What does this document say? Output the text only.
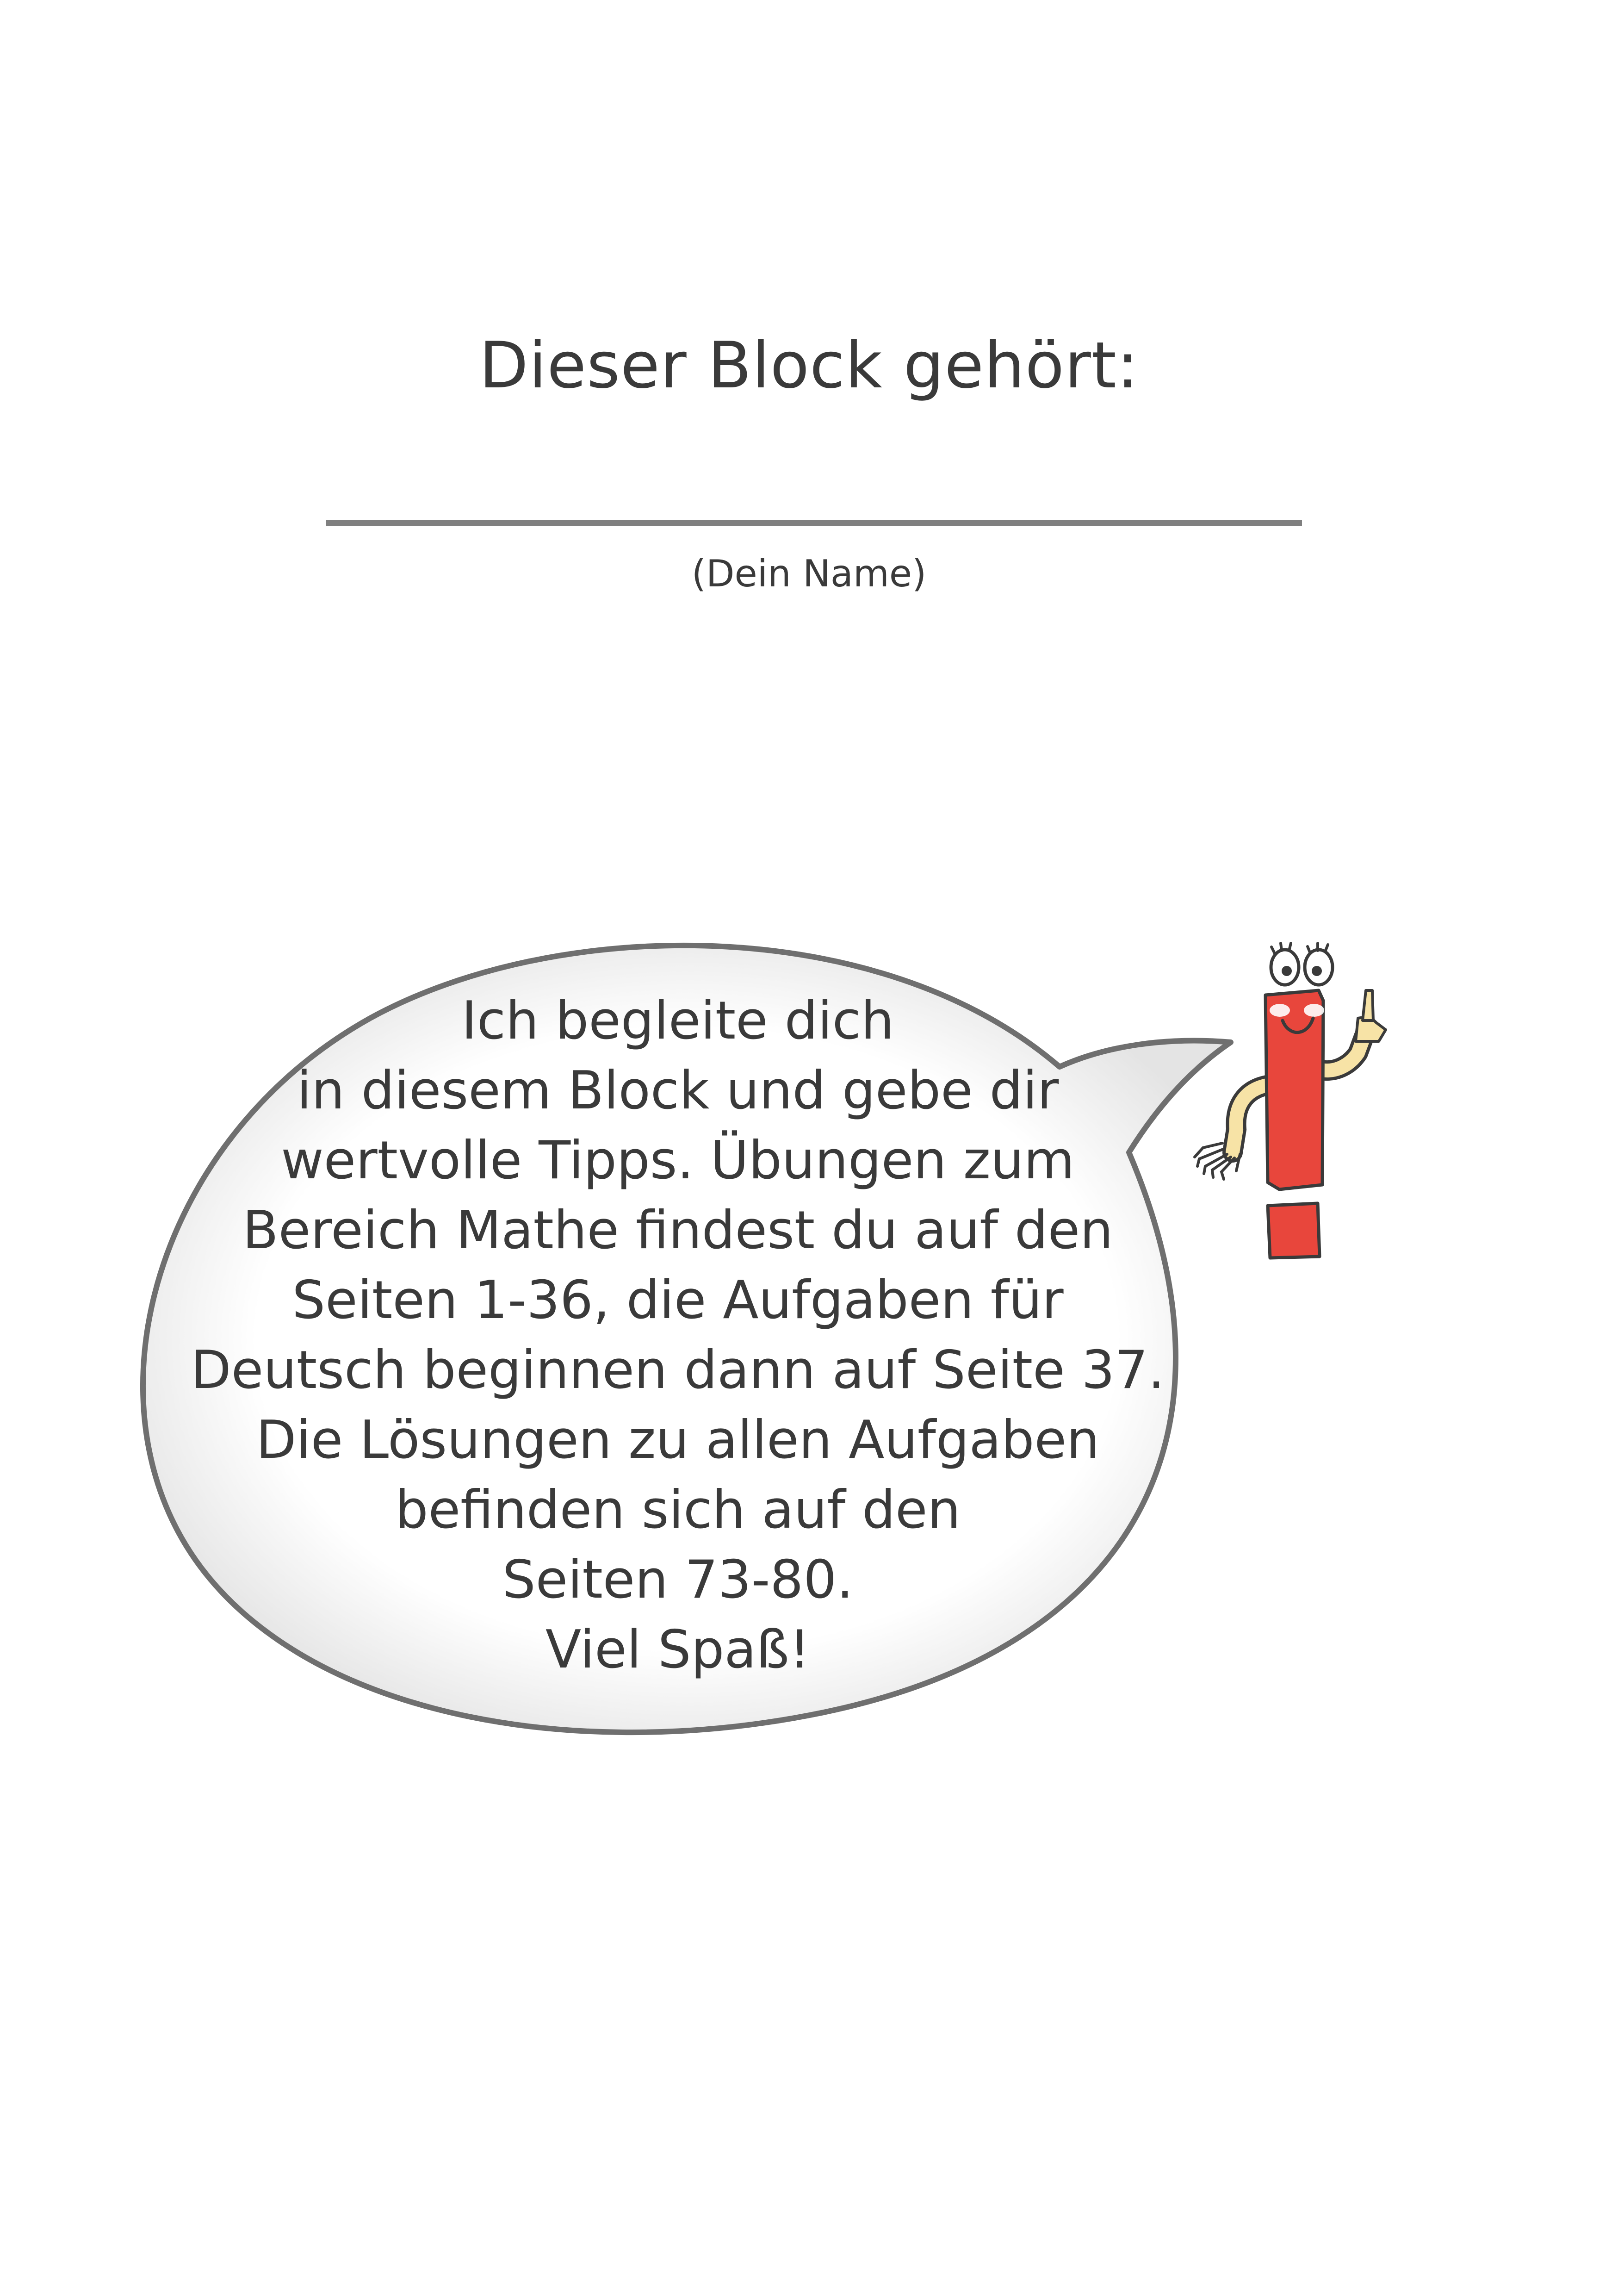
Dieser Block gehört:
(Dein Name)
Ich begleite dich
in diesem Block und gebe dir
wertvolle Tipps. Übungen zum
Bereich Mathe findest du auf den
Seiten 1-36, die Aufgaben für
Deutsch beginnen dann auf Seite 37.
Die Lösungen zu allen Aufgaben
befinden sich auf den
Seiten 73-80.
Viel Spaß!
